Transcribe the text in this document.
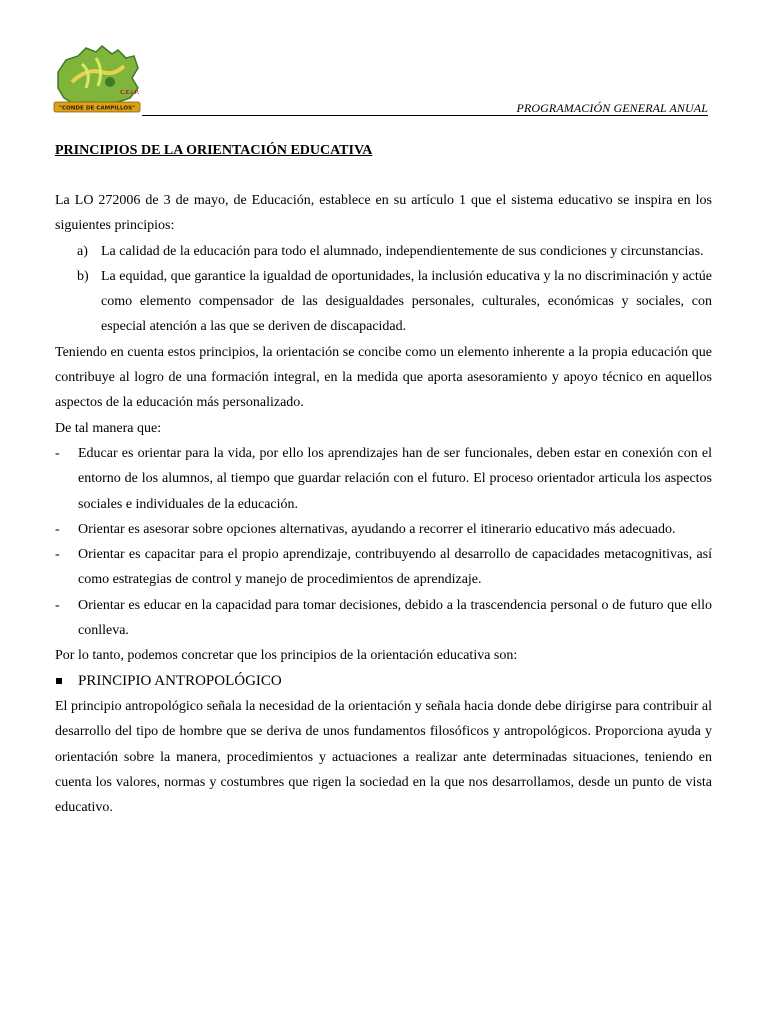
C.E.I.P.
"CONDE DE CAMPILLOS"	PROGRAMACIÓN GENERAL ANUAL

PRINCIPIOS DE LA ORIENTACIÓN EDUCATIVA

La LO 272006 de 3 de mayo, de Educación, establece en su artículo 1 que el sistema educativo se inspira en los siguientes principios:

a) La calidad de la educación para todo el alumnado, independientemente de sus condiciones y circunstancias.
b) La equidad, que garantice la igualdad de oportunidades, la inclusión educativa y la no discriminación y actúe como elemento compensador de las desigualdades personales, culturales, económicas y sociales, con especial atención a las que se deriven de discapacidad.

Teniendo en cuenta estos principios, la orientación se concibe como un elemento inherente a la propia educación que contribuye al logro de una formación integral, en la medida que aporta asesoramiento y apoyo técnico en aquellos aspectos de la educación más personalizado.

De tal manera que:

- Educar es orientar para la vida, por ello los aprendizajes han de ser funcionales, deben estar en conexión con el entorno de los alumnos, al tiempo que guardar relación con el futuro. El proceso orientador articula los aspectos sociales e individuales de la educación.
- Orientar es asesorar sobre opciones alternativas, ayudando a recorrer el itinerario educativo más adecuado.
- Orientar es capacitar para el propio aprendizaje, contribuyendo al desarrollo de capacidades metacognitivas, así como estrategias de control y manejo de procedimientos de aprendizaje.
- Orientar es educar en la capacidad para tomar decisiones, debido a la trascendencia personal o de futuro que ello conlleva.

Por lo tanto, podemos concretar que los principios de la orientación educativa son:

PRINCIPIO ANTROPOLÓGICO

El principio antropológico señala la necesidad de la orientación y señala hacia donde debe dirigirse para contribuir al desarrollo del tipo de hombre que se deriva de unos fundamentos filosóficos y antropológicos. Proporciona ayuda y orientación sobre la manera, procedimientos y actuaciones a realizar ante determinadas situaciones, teniendo en cuenta los valores, normas y costumbres que rigen la sociedad en la que nos desarrollamos, desde un punto de vista educativo.
